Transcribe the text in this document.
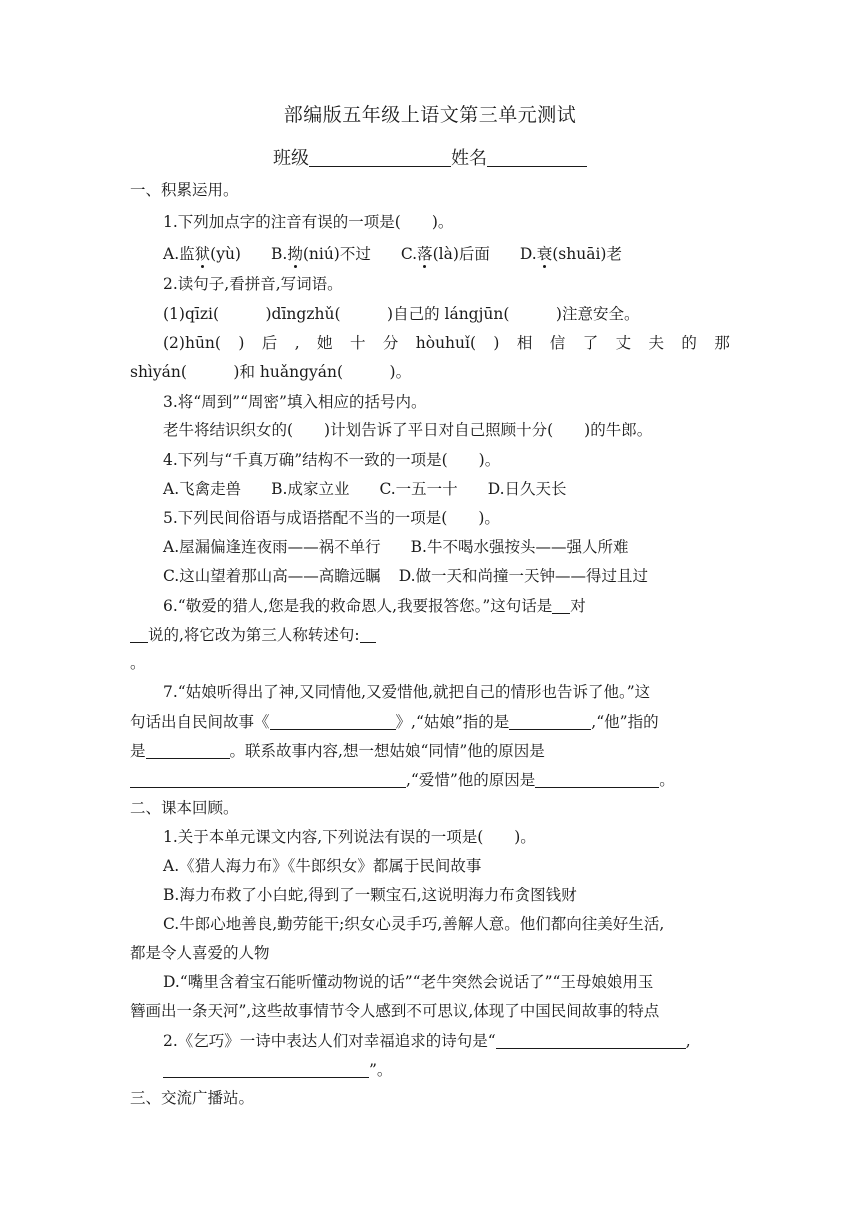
部编版五年级上语文第三单元测试
班级	姓名
一、积累运用。
1.下列加点字的注音有误的一项是(　　)。
A.监狱(yù) B.拗(niú)不过 C.落(là)后面 D.衰(shuāi)老
2.读句子,看拼音,写词语。
(1)qīzi(　　　)dīngzhǔ(　　　)自己的 lángjūn(　　　)注意安全。
(2)hūn( ) 后 , 她 十 分 hòuhuǐ( ) 相 信 了 丈 夫 的 那
shìyán(　　　)和 huǎngyán(　　　)。
3.将“周到”“周密”填入相应的括号内。
老牛将结识织女的(　　)计划告诉了平日对自己照顾十分(　　)的牛郎。
4.下列与“千真万确”结构不一致的一项是(　　)。
A.飞禽走兽 B.成家立业 C.一五一十 D.日久天长
5.下列民间俗语与成语搭配不当的一项是(　　)。
A.屋漏偏逢连夜雨——祸不单行 B.牛不喝水强按头——强人所难
C.这山望着那山高——高瞻远瞩 D.做一天和尚撞一天钟——得过且过
6.“敬爱的猎人,您是我的救命恩人,我要报答您。”这句话是 对
说的,将它改为第三人称转述句:
。
7.“姑娘听得出了神,又同情他,又爱惜他,就把自己的情形也告诉了他。”这
句话出自民间故事《	》,“姑娘”指的是	,“他”指的
是	。联系故事内容,想一想姑娘“同情”他的原因是
,“爱惜”他的原因是	。
二、课本回顾。
1.关于本单元课文内容,下列说法有误的一项是(　　)。
A.《猎人海力布》《牛郎织女》都属于民间故事
B.海力布救了小白蛇,得到了一颗宝石,这说明海力布贪图钱财
C.牛郎心地善良,勤劳能干;织女心灵手巧,善解人意。他们都向往美好生活,
都是令人喜爱的人物
D.“嘴里含着宝石能听懂动物说的话”“老牛突然会说话了”“王母娘娘用玉
簪画出一条天河”,这些故事情节令人感到不可思议,体现了中国民间故事的特点
2.《乞巧》一诗中表达人们对幸福追求的诗句是“	,
”。
三、交流广播站。
